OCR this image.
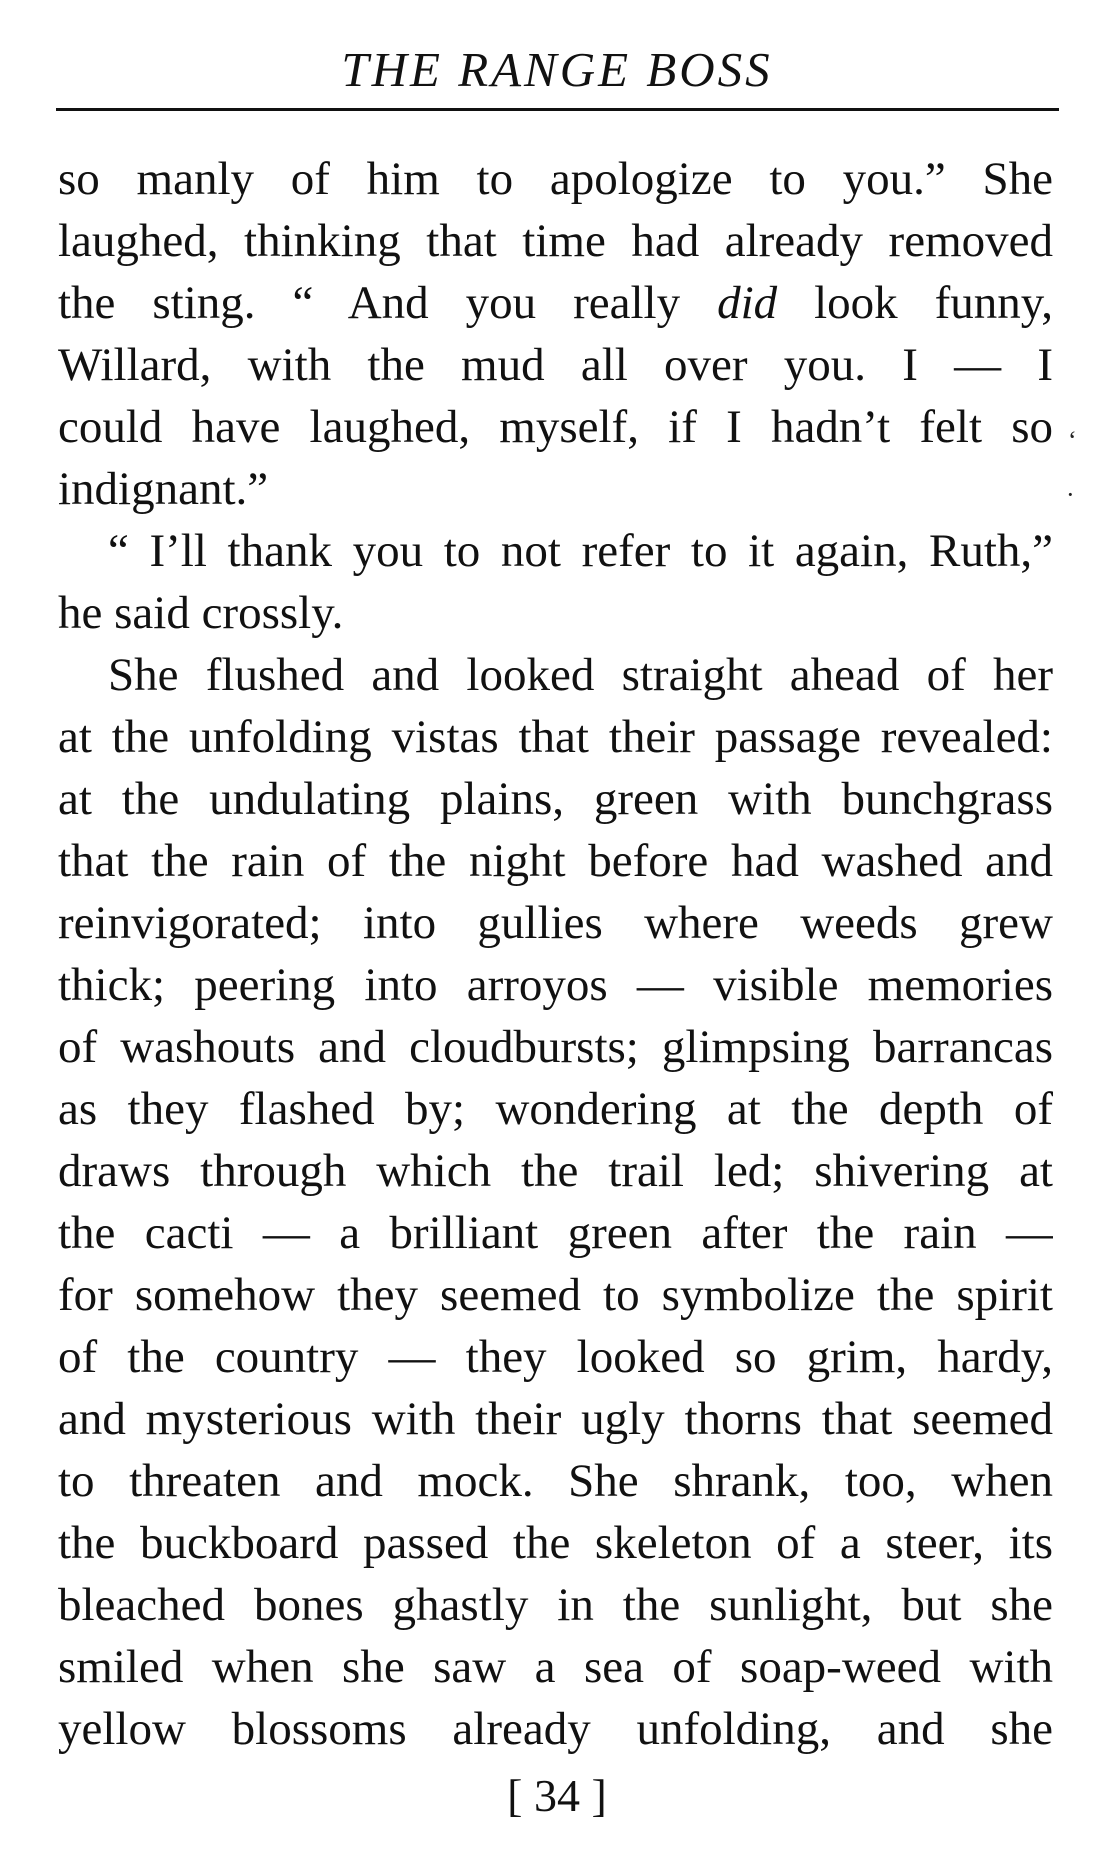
THE RANGE BOSS
so manly of him to apologize to you.” She
laughed, thinking that time had already removed
the sting. “ And you really did look funny,
Willard, with the mud all over you. I — I
could have laughed, myself, if I hadn’t felt so
indignant.”
“ I’ll thank you to not refer to it again, Ruth,”
he said crossly.
She flushed and looked straight ahead of her
at the unfolding vistas that their passage revealed:
at the undulating plains, green with bunchgrass
that the rain of the night before had washed and
reinvigorated; into gullies where weeds grew
thick; peering into arroyos — visible memories
of washouts and cloudbursts; glimpsing barrancas
as they flashed by; wondering at the depth of
draws through which the trail led; shivering at
the cacti — a brilliant green after the rain —
for somehow they seemed to symbolize the spirit
of the country — they looked so grim, hardy,
and mysterious with their ugly thorns that seemed
to threaten and mock. She shrank, too, when
the buckboard passed the skeleton of a steer, its
bleached bones ghastly in the sunlight, but she
smiled when she saw a sea of soap-weed with
yellow blossoms already unfolding, and she
‘
·
[ 34 ]
